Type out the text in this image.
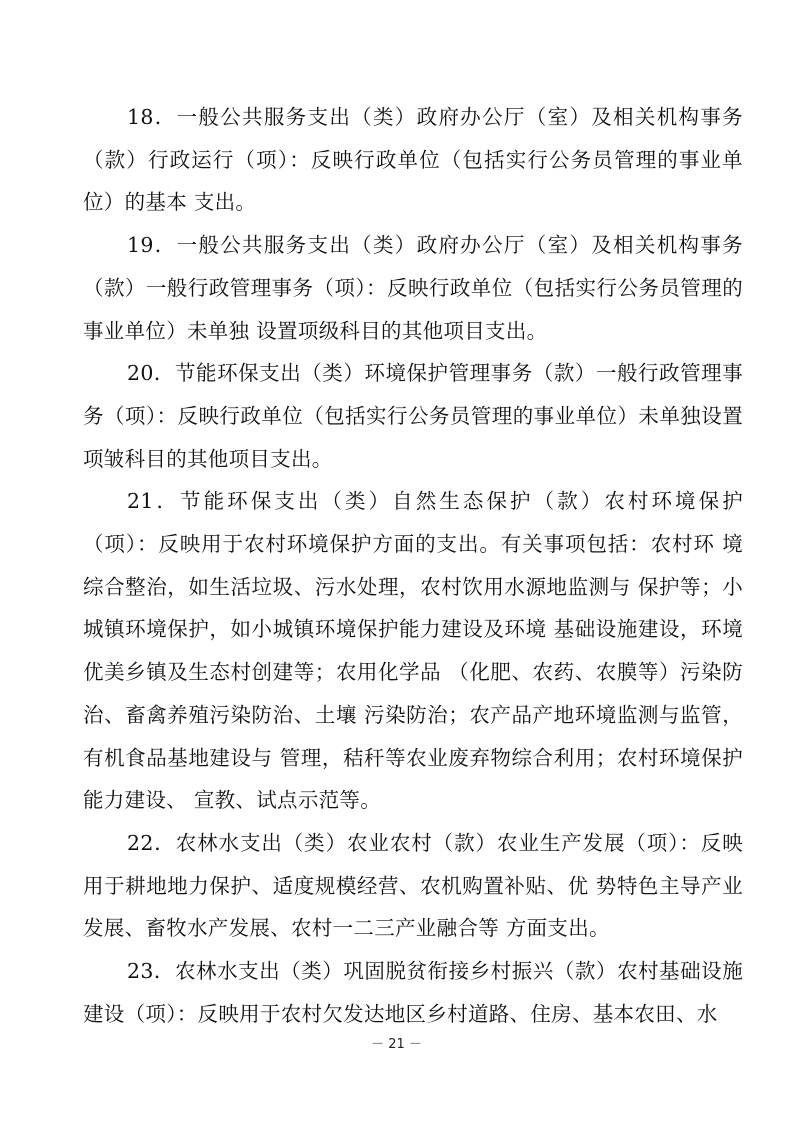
18．一般公共服务支出（类）政府办公厅（室）及相关机构事务（款）行政运行（项）：反映行政单位（包括实行公务员管理的事业单位）的基本 支出。

19．一般公共服务支出（类）政府办公厅（室）及相关机构事务（款）一般行政管理事务（项）：反映行政单位（包括实行公务员管理的事业单位）未单独 设置项级科目的其他项目支出。

20．节能环保支出（类）环境保护管理事务（款）一般行政管理事务（项）：反映行政单位（包括实行公务员管理的事业单位）未单独设置项皱科目的其他项目支出。

21．节能环保支出（类）自然生态保护（款）农村环境保护（项）：反映用于农村环境保护方面的支出。有关事项包括：农村环 境综合整治，如生活垃圾、污水处理，农村饮用水源地监测与 保护等；小城镇环境保护，如小城镇环境保护能力建设及环境 基础设施建设，环境优美乡镇及生态村创建等；农用化学品 （化肥、农药、农膜等）污染防治、畜禽养殖污染防治、土壤 污染防治；农产品产地环境监测与监管，有机食品基地建设与 管理，秸秆等农业废弃物综合利用；农村环境保护能力建设、 宣教、试点示范等。

22．农林水支出（类）农业农村（款）农业生产发展（项）：反映用于耕地地力保护、适度规模经营、农机购置补贴、优 势特色主导产业发展、畜牧水产发展、农村一二三产业融合等 方面支出。

23．农林水支出（类）巩固脱贫衔接乡村振兴（款）农村基础设施建设（项）：反映用于农村欠发达地区乡村道路、住房、基本农田、水

－ 21 －
